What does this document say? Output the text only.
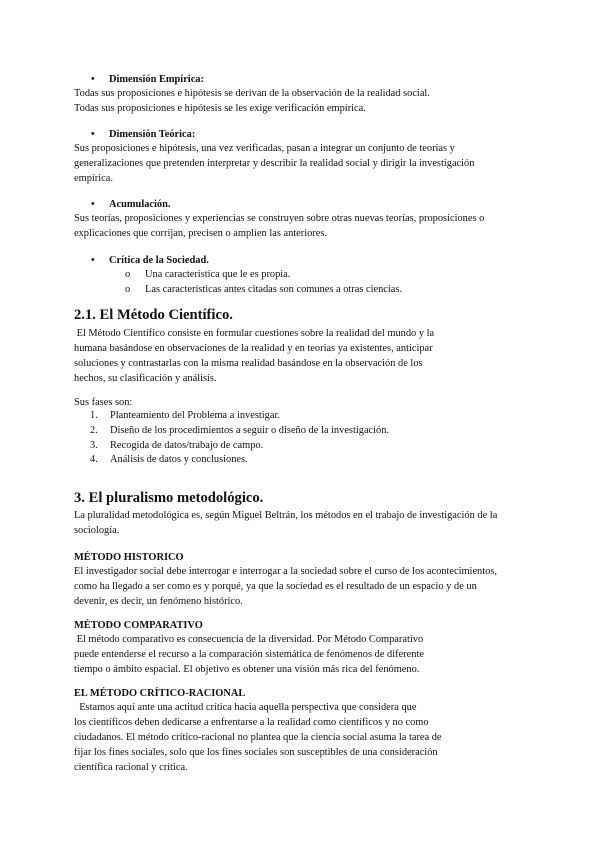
• Dimensión Empírica:
Todas sus proposiciones e hipótesis se derivan de la observación de la realidad social.
Todas sus proposiciones e hipótesis se les exige verificación empírica.
• Dimensión Teórica:
Sus proposiciones e hipótesis, una vez verificadas, pasan a integrar un conjunto de teorías y
generalizaciones que pretenden interpretar y describir la realidad social y dirigir la investigación
empírica.
• Acumulación.
Sus teorías, proposiciones y experiencias se construyen sobre otras nuevas teorías, proposiciones o
explicaciones que corrijan, precisen o amplíen las anteriores.
• Crítica de la Sociedad.
o Una característica que le es propia.
o Las características antes citadas son comunes a otras ciencias.
2.1. El Método Científico.
El Método Científico consiste en formular cuestiones sobre la realidad del mundo y la
humana basándose en observaciones de la realidad y en teorías ya existentes, anticipar
soluciones y contrastarlas con la misma realidad basándose en la observación de los
hechos, su clasificación y análisis.
Sus fases son:
1. Planteamiento del Problema a investigar.
2. Diseño de los procedimientos a seguir o diseño de la investigación.
3. Recogida de datos/trabajo de campo.
4. Análisis de datos y conclusiones.
3. El pluralismo metodológico.
La pluralidad metodológica es, según Miguel Beltrán, los métodos en el trabajo de investigación de la
sociología.
MÉTODO HISTORICO
El investigador social debe interrogar e interrogar a la sociedad sobre el curso de los acontecimientos,
como ha llegado a ser como es y porqué, ya que la sociedad es el resultado de un espacio y de un
devenir, es decir, un fenómeno histórico.
MÉTODO COMPARATIVO
El método comparativo es consecuencia de la diversidad. Por Método Comparativo
puede entenderse el recurso a la comparación sistemática de fenómenos de diferente
tiempo o ámbito espacial. El objetivo es obtener una visión más rica del fenómeno.
EL MÉTODO CRÍTICO-RACIONAL
Estamos aquí ante una actitud crítica hacia aquella perspectiva que considera que
los científicos deben dedicarse a enfrentarse a la realidad como científicos y no como
ciudadanos. El método crítico-racional no plantea que la ciencia social asuma la tarea de
fijar los fines sociales, solo que los fines sociales son susceptibles de una consideración
científica racional y crítica.
